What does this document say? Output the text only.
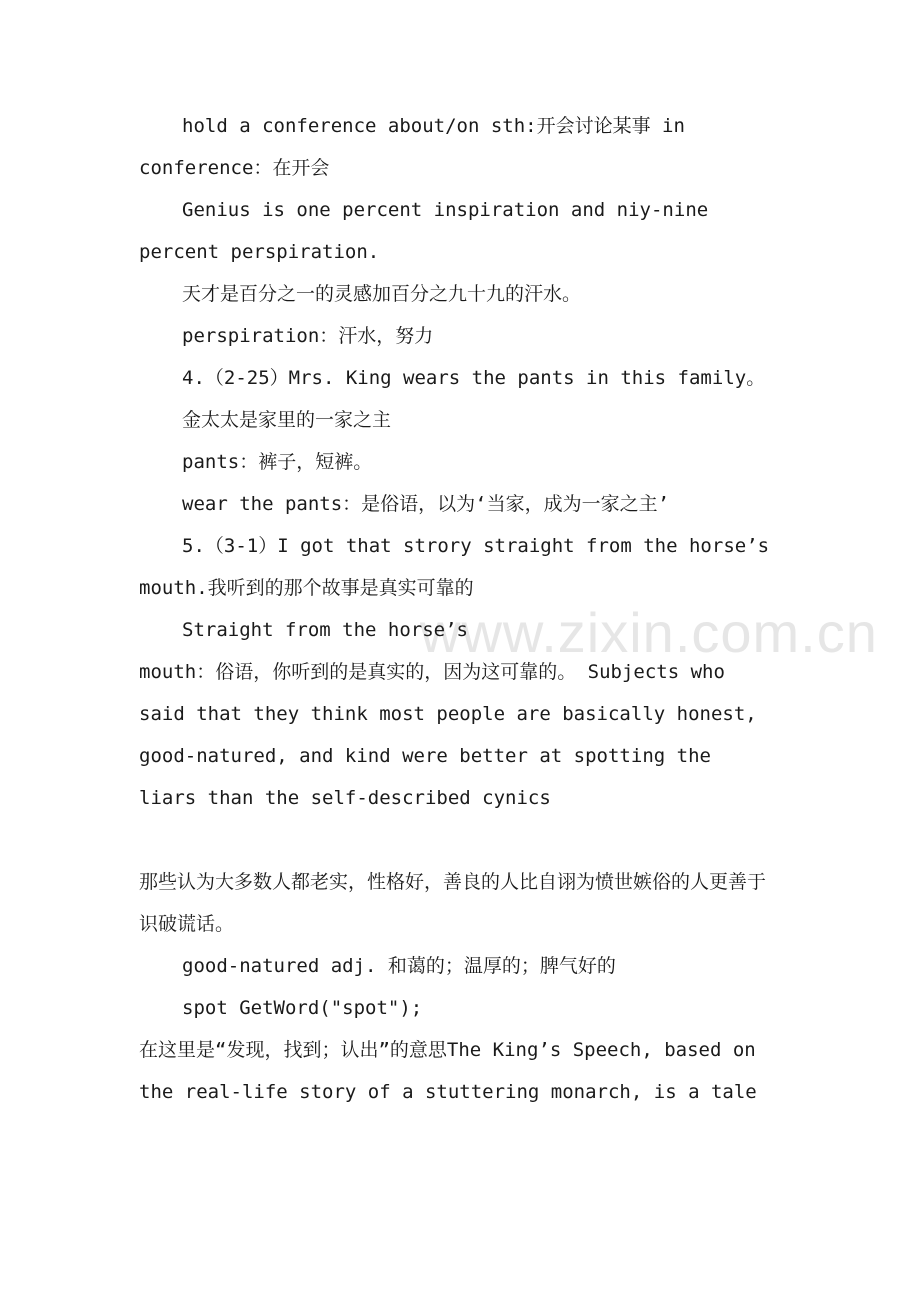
www.zixin.com.cn

hold a conference about/on sth:开会讨论某事 in conference：在开会

Genius is one percent inspiration and niy-nine percent perspiration.

天才是百分之一的灵感加百分之九十九的汗水。

perspiration：汗水，努力

4.（2-25）Mrs. King wears the pants in this family。

金太太是家里的一家之主

pants：裤子，短裤。

wear the pants：是俗语，以为‘当家，成为一家之主’

5.（3-1）I got that strory straight from the horse’s mouth.我听到的那个故事是真实可靠的

Straight from the horse’s

mouth：俗语，你听到的是真实的，因为这可靠的。 Subjects who said that they think most people are basically honest, good-natured, and kind were better at spotting the liars than the self-described cynics

那些认为大多数人都老实，性格好，善良的人比自诩为愤世嫉俗的人更善于识破谎话。

good-natured adj. 和蔼的；温厚的；脾气好的

spot GetWord("spot");

在这里是“发现，找到；认出”的意思The King’s Speech, based on the real-life story of a stuttering monarch, is a tale
